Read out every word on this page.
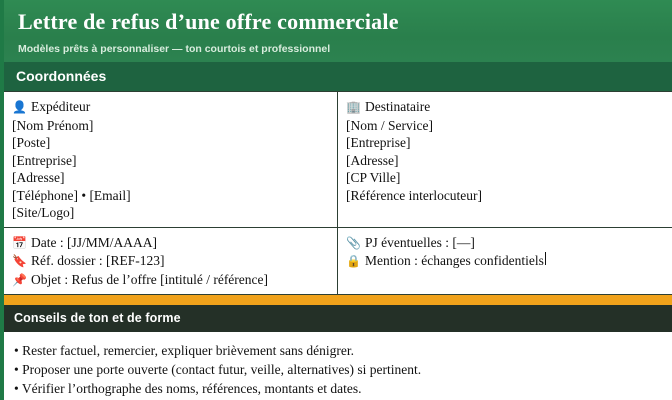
Lettre de refus d’une offre commerciale
Modèles prêts à personnaliser — ton courtois et professionnel
Coordonnées
👤 Expéditeur
[Nom Prénom]
[Poste]
[Entreprise]
[Adresse]
[Téléphone] • [Email]
[Site/Logo]
🏢 Destinataire
[Nom / Service]
[Entreprise]
[Adresse]
[CP Ville]
[Référence interlocuteur]
📅 Date : [JJ/MM/AAAA]
🔖 Réf. dossier : [REF-123]
📌 Objet : Refus de l’offre [intitulé / référence]
📎 PJ éventuelles : [—]
🔒 Mention : échanges confidentiels
Conseils de ton et de forme
• Rester factuel, remercier, expliquer brièvement sans dénigrer.
• Proposer une porte ouverte (contact futur, veille, alternatives) si pertinent.
• Vérifier l’orthographe des noms, références, montants et dates.
